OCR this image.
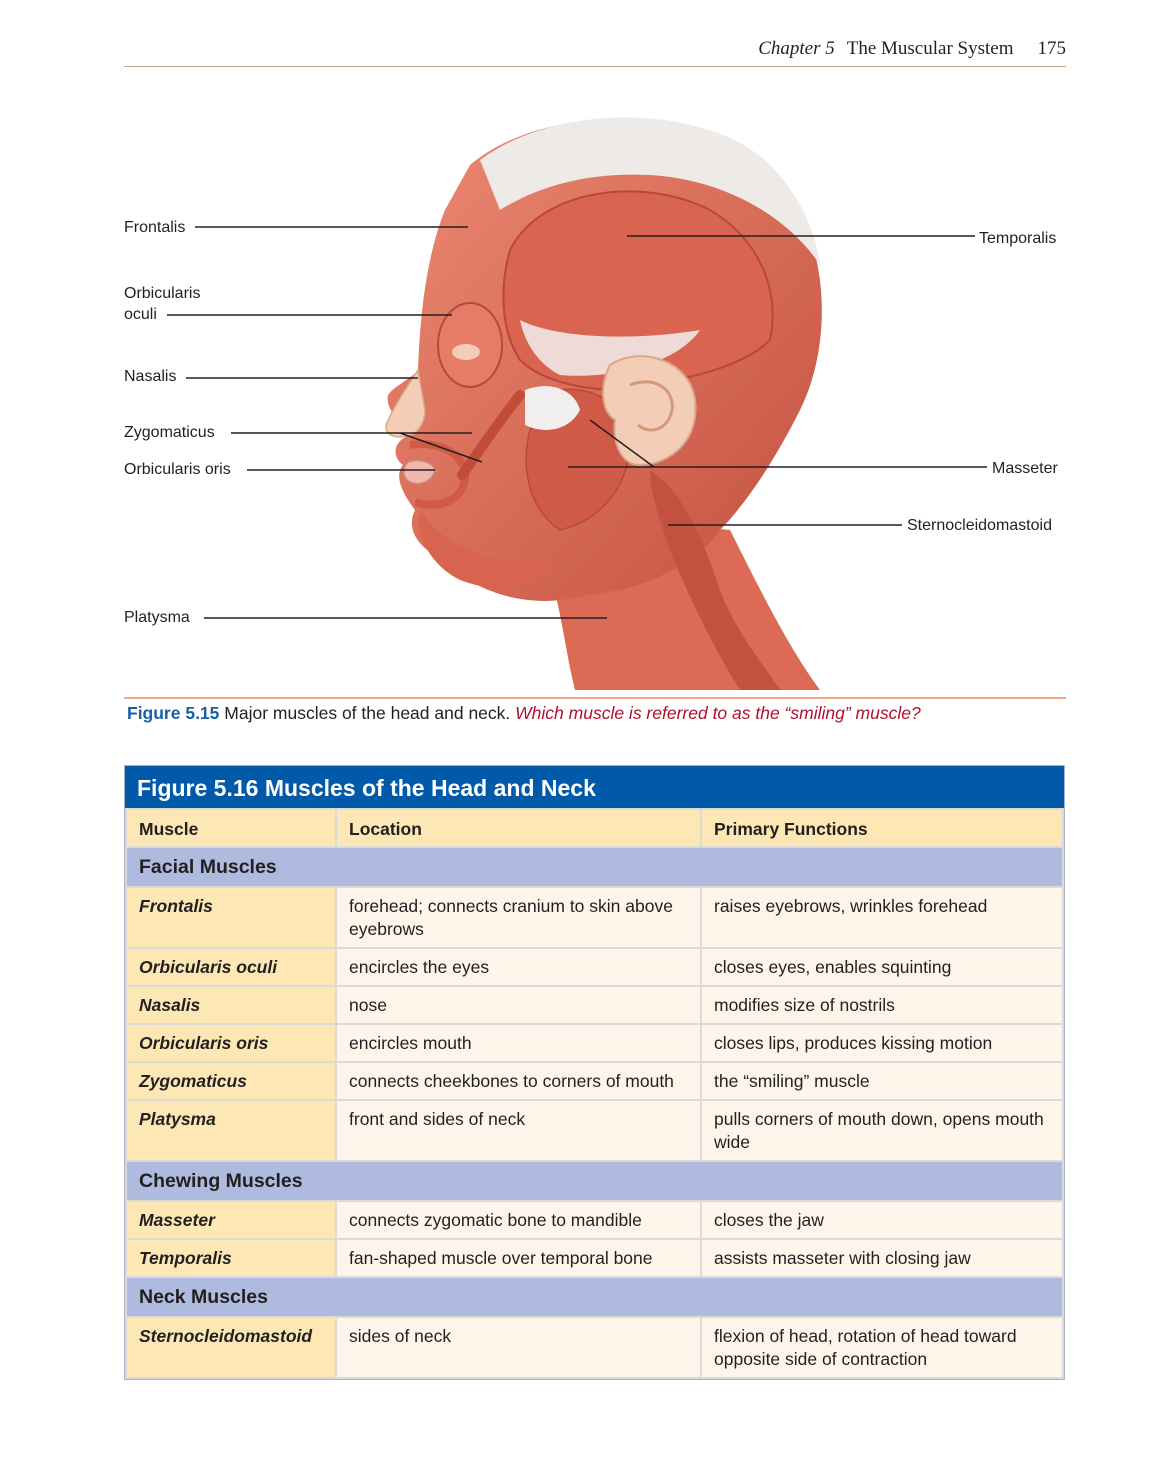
Chapter 5 The Muscular System 175
Frontalis
Orbicularis
oculi
Nasalis
Zygomaticus
Orbicularis oris
Platysma
Temporalis
Masseter
Sternocleidomastoid
Figure 5.15 Major muscles of the head and neck. Which muscle is referred to as the “smiling” muscle?
Figure 5.16 Muscles of the Head and Neck
Muscle	Location	Primary Functions
Facial Muscles		
Frontalis	forehead; connects cranium to skin above eyebrows	raises eyebrows, wrinkles forehead
Orbicularis oculi	encircles the eyes	closes eyes, enables squinting
Nasalis	nose	modifies size of nostrils
Orbicularis oris	encircles mouth	closes lips, produces kissing motion
Zygomaticus	connects cheekbones to corners of mouth	the “smiling” muscle
Platysma	front and sides of neck	pulls corners of mouth down, opens mouth wide
Chewing Muscles		
Masseter	connects zygomatic bone to mandible	closes the jaw
Temporalis	fan-shaped muscle over temporal bone	assists masseter with closing jaw
Neck Muscles		
Sternocleidomastoid	sides of neck	flexion of head, rotation of head toward opposite side of contraction
